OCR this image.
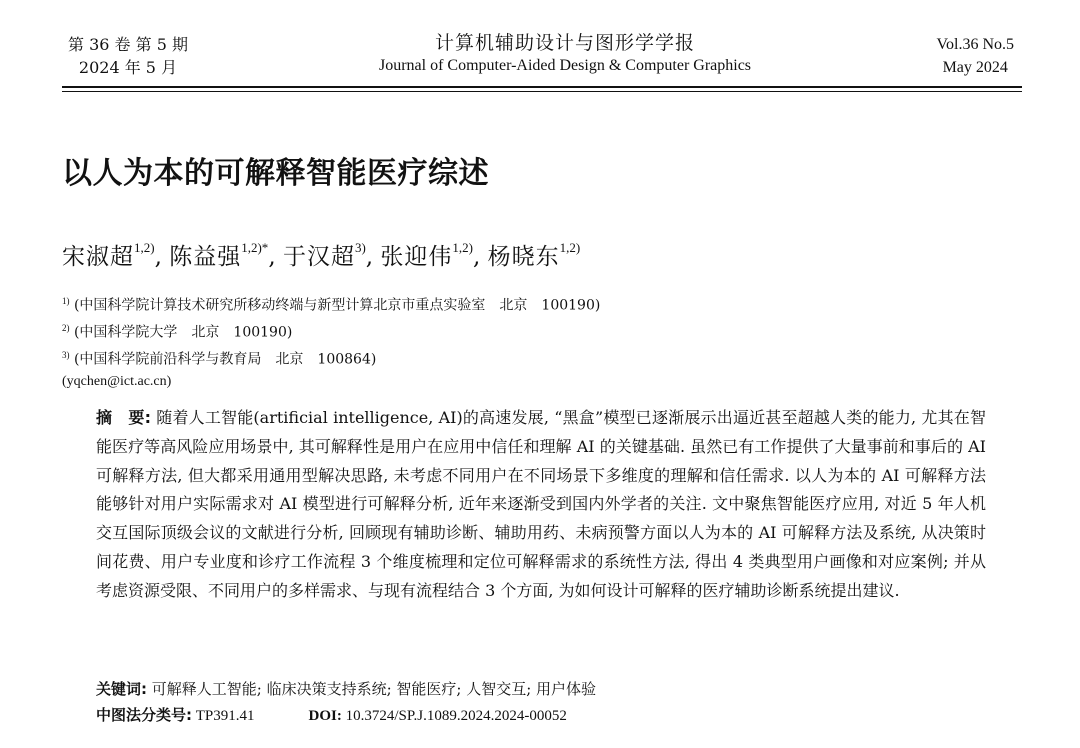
第 36 卷 第 5 期
2024 年 5 月
计算机辅助设计与图形学学报
Journal of Computer-Aided Design & Computer Graphics
Vol.36 No.5
May 2024
以人为本的可解释智能医疗综述
宋淑超$^{1,2)}$, 陈益强$^{1,2)*}$, 于汉超$^{3)}$, 张迎伟$^{1,2)}$, 杨晓东$^{1,2)}$
$^{1)}$ (中国科学院计算技术研究所移动终端与新型计算北京市重点实验室　北京　100190)
$^{2)}$ (中国科学院大学　北京　100190)
$^{3)}$ (中国科学院前沿科学与教育局　北京　100864)
(yqchen@ict.ac.cn)
摘　要: 随着人工智能(artificial intelligence, AI)的高速发展, “黑盒”模型已逐渐展示出逼近甚至超越人类的能力, 尤其在智能医疗等高风险应用场景中, 其可解释性是用户在应用中信任和理解 AI 的关键基础. 虽然已有工作提供了大量事前和事后的 AI 可解释方法, 但大都采用通用型解决思路, 未考虑不同用户在不同场景下多维度的理解和信任需求. 以人为本的 AI 可解释方法能够针对用户实际需求对 AI 模型进行可解释分析, 近年来逐渐受到国内外学者的关注. 文中聚焦智能医疗应用, 对近 5 年人机交互国际顶级会议的文献进行分析, 回顾现有辅助诊断、辅助用药、未病预警方面以人为本的 AI 可解释方法及系统, 从决策时间花费、用户专业度和诊疗工作流程 3 个维度梳理和定位可解释需求的系统性方法, 得出 4 类典型用户画像和对应案例; 并从考虑资源受限、不同用户的多样需求、与现有流程结合 3 个方面, 为如何设计可解释的医疗辅助诊断系统提出建议.
关键词: 可解释人工智能; 临床决策支持系统; 智能医疗; 人智交互; 用户体验
中图法分类号: TP391.41	DOI: 10.3724/SP.J.1089.2024.2024-00052
